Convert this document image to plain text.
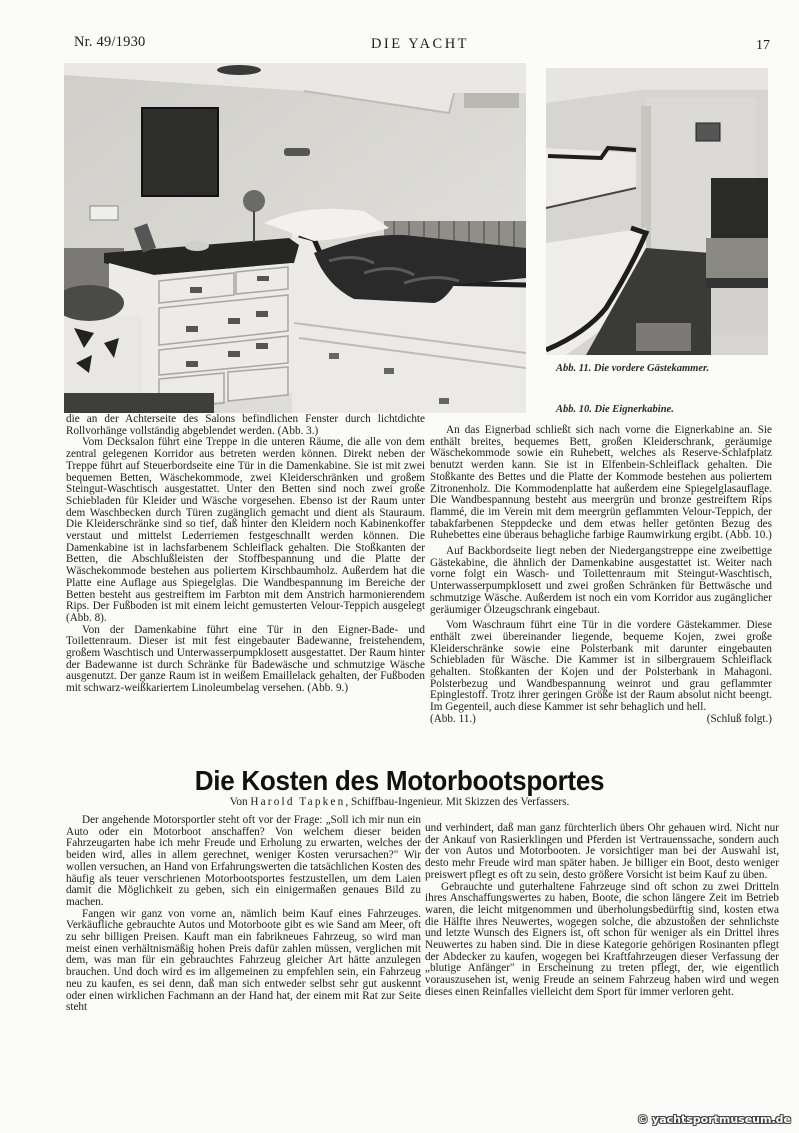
Nr. 49/1930	DIE YACHT	17
Abb. 11. Die vordere Gästekammer.
Abb. 10. Die Eignerkabine.

die an der Achterseite des Salons befindlichen Fenster durch lichtdichte Rollvorhänge vollständig abgeblendet werden. (Abb. 3.)

Vom Decksalon führt eine Treppe in die unteren Räume, die alle von dem zentral gelegenen Korridor aus betreten werden können. Direkt neben der Treppe führt auf Steuerbordseite eine Tür in die Damenkabine. Sie ist mit zwei bequemen Betten, Wäschekommode, zwei Kleiderschränken und großem Steingut-Waschtisch ausgestattet. Unter den Betten sind noch zwei große Schiebladen für Kleider und Wäsche vorgesehen. Ebenso ist der Raum unter dem Waschbecken durch Türen zugänglich gemacht und dient als Stauraum. Die Kleiderschränke sind so tief, daß hinter den Kleidern noch Kabinenkoffer verstaut und mittelst Lederriemen festgeschnallt werden können. Die Damenkabine ist in lachsfarbenem Schleiflack gehalten. Die Stoßkanten der Betten, die Abschlußleisten der Stoffbespannung und die Platte der Wäschekommode bestehen aus poliertem Kirschbaumholz. Außerdem hat die Platte eine Auflage aus Spiegelglas. Die Wandbespannung im Bereiche der Betten besteht aus gestreiftem im Farbton mit dem Anstrich harmonierendem Rips. Der Fußboden ist mit einem leicht gemusterten Velour-Teppich ausgelegt (Abb. 8).

Von der Damenkabine führt eine Tür in den Eigner-Bade- und Toilettenraum. Dieser ist mit fest eingebauter Badewanne, freistehendem, großem Waschtisch und Unterwasserpumpklosett ausgestattet. Der Raum hinter der Badewanne ist durch Schränke für Badewäsche und schmutzige Wäsche ausgenutzt. Der ganze Raum ist in weißem Emaillelack gehalten, der Fußboden mit schwarz-weißkariertem Linoleumbelag versehen. (Abb. 9.)

An das Eignerbad schließt sich nach vorne die Eignerkabine an. Sie enthält breites, bequemes Bett, großen Kleiderschrank, geräumige Wäschekommode sowie ein Ruhebett, welches als Reserve-Schlafplatz benutzt werden kann. Sie ist in Elfenbein-Schleiflack gehalten. Die Stoßkante des Bettes und die Platte der Kommode bestehen aus poliertem Zitronenholz. Die Kommodenplatte hat außerdem eine Spiegelglasauflage. Die Wandbespannung besteht aus meergrün und bronze gestreiftem Rips flammé, die im Verein mit dem meergrün geflammten Velour-Teppich, der tabakfarbenen Steppdecke und dem etwas heller getönten Bezug des Ruhebettes eine überaus behagliche farbige Raumwirkung ergibt. (Abb. 10.)

Auf Backbordseite liegt neben der Niedergangstreppe eine zweibettige Gästekabine, die ähnlich der Damenkabine ausgestattet ist. Weiter nach vorne folgt ein Wasch- und Toilettenraum mit Steingut-Waschtisch, Unterwasserpumpklosett und zwei großen Schränken für Bettwäsche und schmutzige Wäsche. Außerdem ist noch ein vom Korridor aus zugänglicher geräumiger Ölzeugschrank eingebaut.

Vom Waschraum führt eine Tür in die vordere Gästekammer. Diese enthält zwei übereinander liegende, bequeme Kojen, zwei große Kleiderschränke sowie eine Polsterbank mit darunter eingebauten Schiebladen für Wäsche. Die Kammer ist in silbergrauem Schleiflack gehalten. Stoßkanten der Kojen und der Polsterbank in Mahagoni. Polsterbezug und Wandbespannung weinrot und grau geflammter Epinglestoff. Trotz ihrer geringen Größe ist der Raum absolut nicht beengt. Im Gegenteil, auch diese Kammer ist sehr behaglich und hell.

(Abb. 11.)	(Schluß folgt.)
Die Kosten des Motorbootsportes
Von Harold Tapken, Schiffbau-Ingenieur. Mit Skizzen des Verfassers.

Der angehende Motorsportler steht oft vor der Frage: „Soll ich mir nun ein Auto oder ein Motorboot anschaffen? Von welchem dieser beiden Fahrzeugarten habe ich mehr Freude und Erholung zu erwarten, welches der beiden wird, alles in allem gerechnet, weniger Kosten verursachen?" Wir wollen versuchen, an Hand von Erfahrungswerten die tatsächlichen Kosten des häufig als teuer verschrienen Motorbootsportes festzustellen, um dem Laien damit die Möglichkeit zu geben, sich ein einigermaßen genaues Bild zu machen.

Fangen wir ganz von vorne an, nämlich beim Kauf eines Fahrzeuges. Verkäufliche gebrauchte Autos und Motorboote gibt es wie Sand am Meer, oft zu sehr billigen Preisen. Kauft man ein fabrikneues Fahrzeug, so wird man meist einen verhältnismäßig hohen Preis dafür zahlen müssen, verglichen mit dem, was man für ein gebrauchtes Fahrzeug gleicher Art hätte anzulegen brauchen. Und doch wird es im allgemeinen zu empfehlen sein, ein Fahrzeug neu zu kaufen, es sei denn, daß man sich entweder selbst sehr gut auskennt oder einen wirklichen Fachmann an der Hand hat, der einem mit Rat zur Seite steht

und verhindert, daß man ganz fürchterlich übers Ohr gehauen wird. Nicht nur der Ankauf von Rasierklingen und Pferden ist Vertrauenssache, sondern auch der von Autos und Motorbooten. Je vorsichtiger man bei der Auswahl ist, desto mehr Freude wird man später haben. Je billiger ein Boot, desto weniger preiswert pflegt es oft zu sein, desto größere Vorsicht ist beim Kauf zu üben.

Gebrauchte und guterhaltene Fahrzeuge sind oft schon zu zwei Dritteln ihres Anschaffungswertes zu haben, Boote, die schon längere Zeit im Betrieb waren, die leicht mitgenommen und überholungsbedürftig sind, kosten etwa die Hälfte ihres Neuwertes, wogegen solche, die abzustoßen der sehnlichste und letzte Wunsch des Eigners ist, oft schon für weniger als ein Drittel ihres Neuwertes zu haben sind. Die in diese Kategorie gehörigen Rosinanten pflegt der Abdecker zu kaufen, wogegen bei Kraftfahrzeugen dieser Verfassung der „blutige Anfänger" in Erscheinung zu treten pflegt, der, wie eigentlich vorauszusehen ist, wenig Freude an seinem Fahrzeug haben wird und wegen dieses einen Reinfalles vielleicht dem Sport für immer verloren geht.

© yachtsportmuseum.de
